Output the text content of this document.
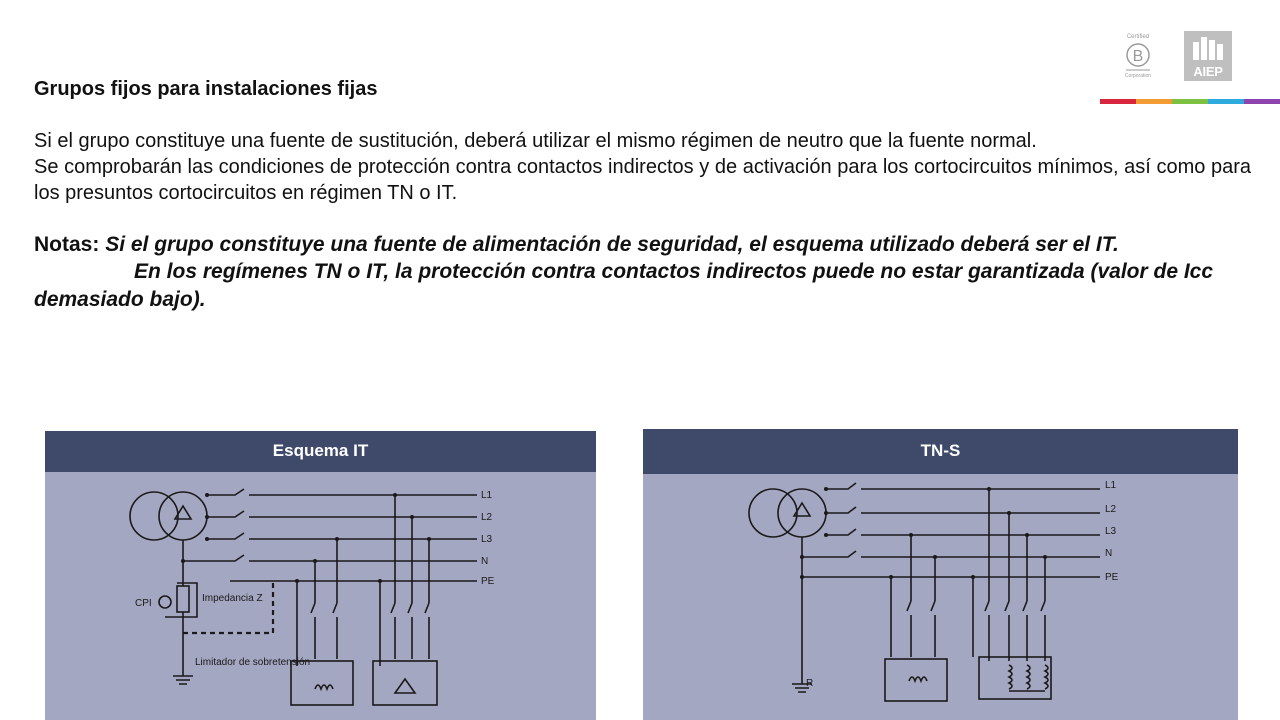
Certified
B
Corporation	AIEP
Grupos fijos para instalaciones fijas

Si el grupo constituye una fuente de sustitución, deberá utilizar el mismo régimen de neutro que la fuente normal.

Se comprobarán las condiciones de protección contra contactos indirectos y de activación para los cortocircuitos mínimos, así como para los presuntos cortocircuitos en régimen TN o IT.

Notas: Si el grupo constituye una fuente de alimentación de seguridad, el esquema utilizado deberá ser el IT.
En los regímenes TN o IT, la protección contra contactos indirectos puede no estar garantizada (valor de Icc demasiado bajo).
L1
L2
L3
N
PE
CPI	Impedancia Z
Limitador de sobretensión
Esquema IT
L1
L2
L3
N
PE
R
TN-S
